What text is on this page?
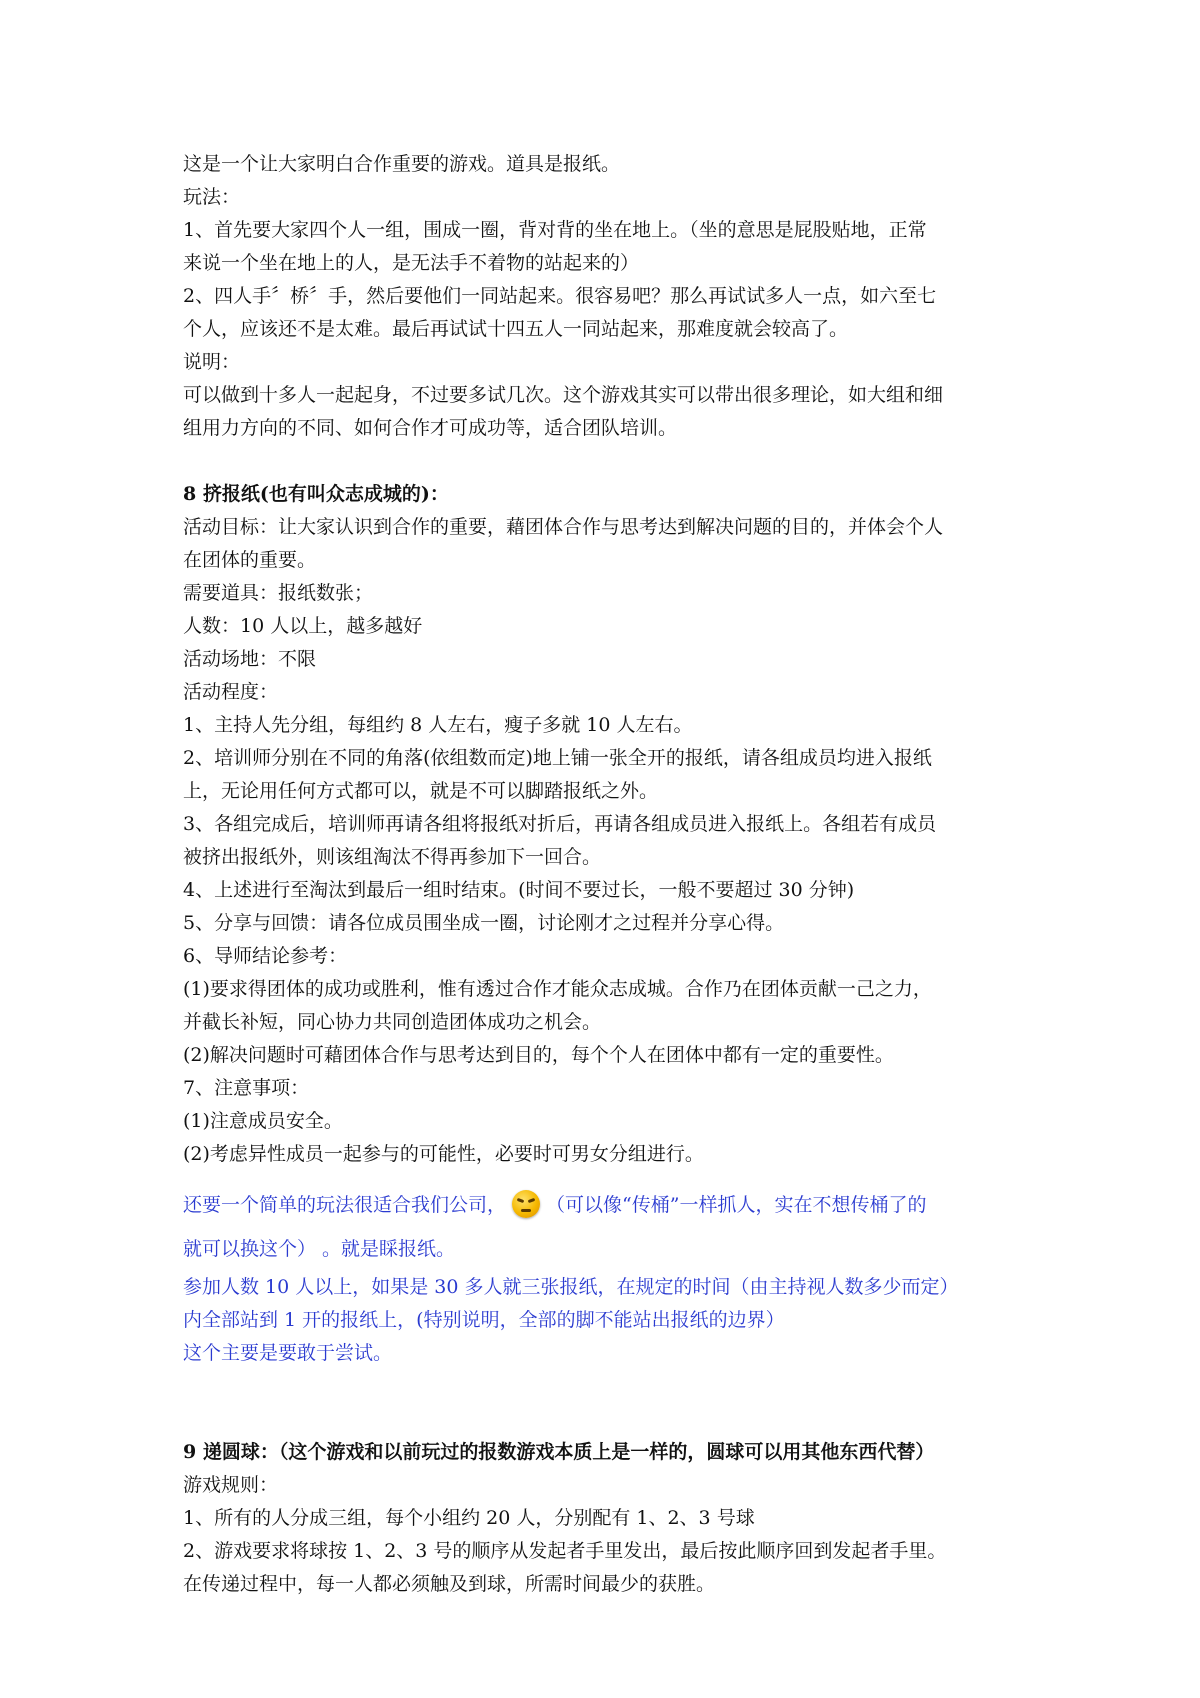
这是一个让大家明白合作重要的游戏。道具是报纸。

玩法：

1、首先要大家四个人一组，围成一圈，背对背的坐在地上。（坐的意思是屁股贴地，正常

来说一个坐在地上的人，是无法手不着物的站起来的）

2、四人手〞桥〞手，然后要他们一同站起来。很容易吧？那么再试试多人一点，如六至七

个人，应该还不是太难。最后再试试十四五人一同站起来，那难度就会较高了。

说明：

可以做到十多人一起起身，不过要多试几次。这个游戏其实可以带出很多理论，如大组和细

组用力方向的不同、如何合作才可成功等，适合团队培训。

8 挤报纸(也有叫众志成城的)：

活动目标：让大家认识到合作的重要，藉团体合作与思考达到解决问题的目的，并体会个人

在团体的重要。

需要道具：报纸数张；

人数：10 人以上，越多越好

活动场地：不限

活动程度：

1、主持人先分组，每组约 8 人左右，瘦子多就 10 人左右。

2、培训师分别在不同的角落(依组数而定)地上铺一张全开的报纸，请各组成员均进入报纸

上，无论用任何方式都可以，就是不可以脚踏报纸之外。

3、各组完成后，培训师再请各组将报纸对折后，再请各组成员进入报纸上。各组若有成员

被挤出报纸外，则该组淘汰不得再参加下一回合。

4、上述进行至淘汰到最后一组时结束。(时间不要过长，一般不要超过 30 分钟)

5、分享与回馈：请各位成员围坐成一圈，讨论刚才之过程并分享心得。

6、导师结论参考：

(1)要求得团体的成功或胜利，惟有透过合作才能众志成城。合作乃在团体贡献一己之力，

并截长补短，同心协力共同创造团体成功之机会。

(2)解决问题时可藉团体合作与思考达到目的，每个个人在团体中都有一定的重要性。

7、注意事项：

(1)注意成员安全。

(2)考虑异性成员一起参与的可能性，必要时可男女分组进行。

还要一个简单的玩法很适合我们公司， （可以像“传桶”一样抓人，实在不想传桶了的

就可以换这个） 。就是睬报纸。

参加人数 10 人以上，如果是 30 多人就三张报纸，在规定的时间（由主持视人数多少而定）

内全部站到 1 开的报纸上，(特别说明，全部的脚不能站出报纸的边界）

这个主要是要敢于尝试。

9 递圆球：（这个游戏和以前玩过的报数游戏本质上是一样的，圆球可以用其他东西代替）

游戏规则：

1、所有的人分成三组，每个小组约 20 人，分别配有 1、2、3 号球

2、游戏要求将球按 1、2、3 号的顺序从发起者手里发出，最后按此顺序回到发起者手里。

在传递过程中，每一人都必须触及到球，所需时间最少的获胜。
